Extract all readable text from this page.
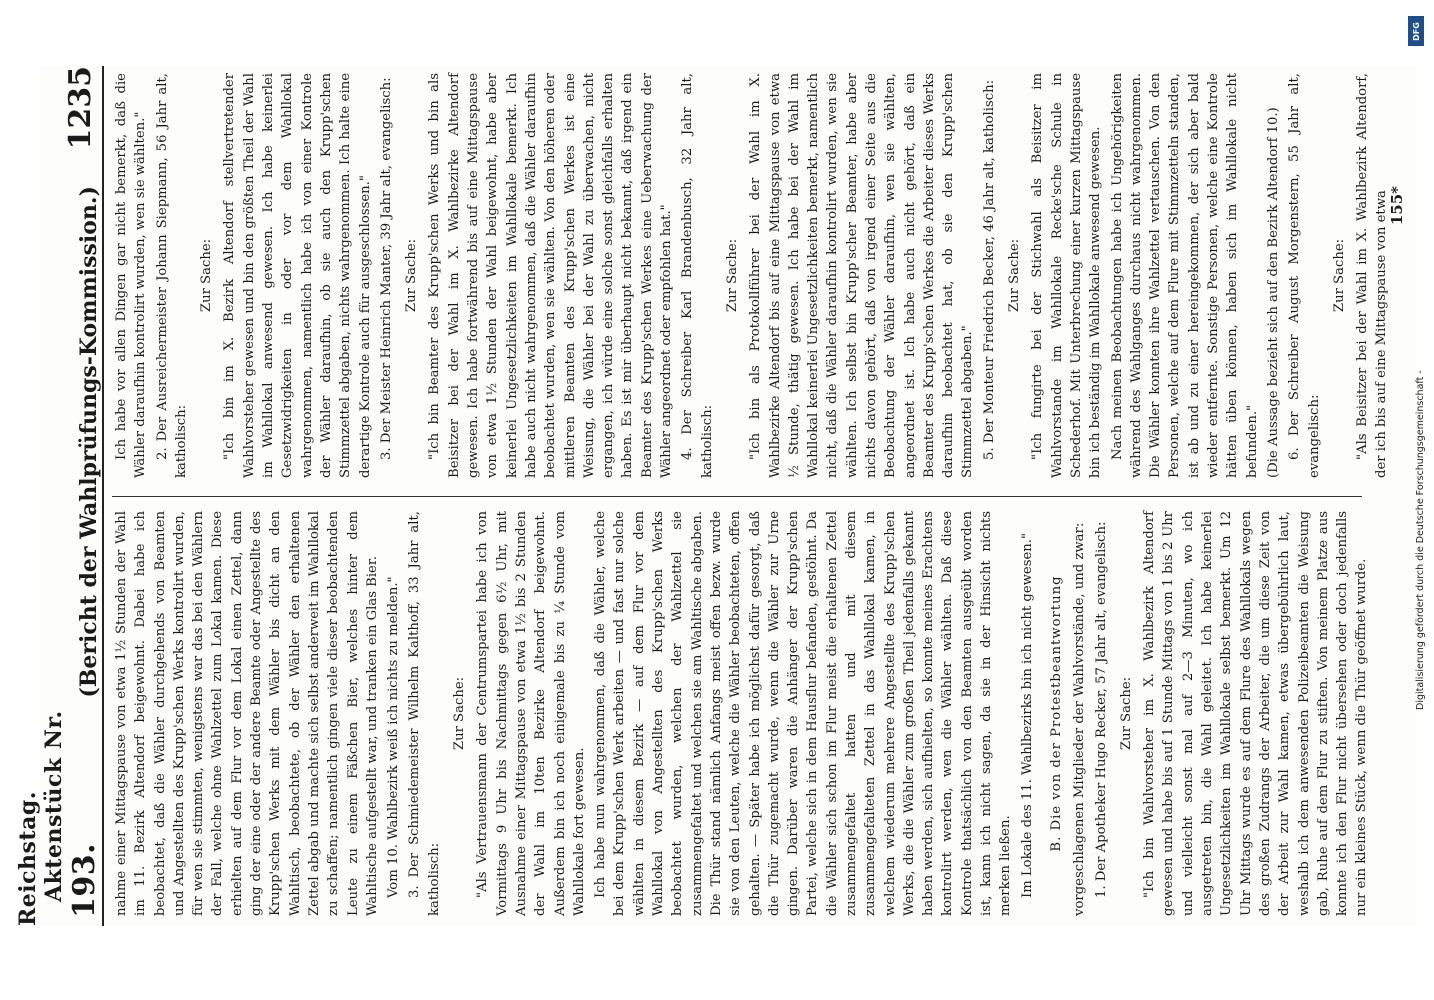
Reichstag. Aktenstück Nr. 193.
(Bericht der Wahlprüfungs-Kommission.)
1235

nahme einer Mittagspause von etwa 1½ Stunden der Wahl im 11. Bezirk Altendorf beigewohnt. Dabei habe ich beobachtet, daß die Wähler durchgehends von Beamten und Angestellten des Krupp'schen Werks kontrolirt wurden, für wen sie stimmten, wenigstens war das bei den Wählern der Fall, welche ohne Wahlzettel zum Lokal kamen. Diese erhielten auf dem Flur vor dem Lokal einen Zettel, dann ging der eine oder der andere Beamte oder Angestellte des Krupp'schen Werks mit dem Wähler bis dicht an den Wahltisch, beobachtete, ob der Wähler den erhaltenen Zettel abgab und machte sich selbst anderweit im Wahllokal zu schaffen; namentlich gingen viele dieser beobachtenden Leute zu einem Fäßchen Bier, welches hinter dem Wahltische aufgestellt war, und tranken ein Glas Bier. Vom 10. Wahlbezirk weiß ich nichts zu melden." 3. Der Schmiedemeister Wilhelm Kalthoff, 33 Jahr alt, katholisch:

Zur Sache: "Als Vertrauensmann der Centrumspartei habe ich von Vormittags 9 Uhr bis Nachmittags gegen 6½ Uhr, mit Ausnahme einer Mittagspause von etwa 1½ bis 2 Stunden der Wahl im 10ten Bezirke Altendorf beigewohnt. Außerdem bin ich noch einigemale bis zu ¼ Stunde vom Wahllokale fort gewesen. Ich habe nun wahrgenommen, daß die Wähler, welche bei dem Krupp'schen Werk arbeiten — und fast nur solche wählten in diesem Bezirk — auf dem Flur vor dem Wahllokal von Angestellten des Krupp'schen Werks beobachtet wurden, welchen der Wahlzettel sie zusammengefaltet und welchen sie am Wahltische abgaben. Die Thür stand nämlich Anfangs meist offen bezw. wurde sie von den Leuten, welche die Wähler beobachteten, offen gehalten. — Später habe ich möglichst dafür gesorgt, daß die Thür zugemacht wurde, wenn die Wähler zur Urne gingen. Darüber waren die Anhänger der Krupp'schen Partei, welche sich in dem Hausflur befanden, gestöhnt. Da die Wähler sich schon im Flur meist die erhaltenen Zettel zusammengefaltet hatten und mit diesem zusammengefalteten Zettel in das Wahllokal kamen, in welchem wiederum mehrere Angestellte des Krupp'schen Werks, die die Wähler zum großen Theil jedenfalls gekannt haben werden, sich aufhielten, so konnte meines Erachtens kontrolirt werden, wen die Wähler wählten. Daß diese Kontrole thatsächlich von den Beamten ausgeübt worden ist, kann ich nicht sagen, da sie in der Hinsicht nichts merken ließen. Im Lokale des 11. Wahlbezirks bin ich nicht gewesen." B. Die von der Protestbeantwortung vorgeschlagenen Mitglieder der Wahlvorstände, und zwar: 1. Der Apotheker Hugo Recker, 57 Jahr alt, evangelisch: Zur Sache: "Ich bin Wahlvorsteher im X. Wahlbezirk Altendorf gewesen und habe bis auf 1 Stunde Mittags von 1 bis 2 Uhr und vielleicht sonst mal auf 2—3 Minuten, wo ich ausgetreten bin, die Wahl geleitet. Ich habe keinerlei Ungesetzlichkeiten im Wahllokale selbst bemerkt. Um 12 Uhr Mittags wurde es auf dem Flure des Wahllokals wegen des großen Zudrangs der Arbeiter, die um diese Zeit von der Arbeit zur Wahl kamen, etwas übergebührlich laut, weshalb ich dem anwesenden Polizeibeamten die Weisung gab, Ruhe auf dem Flur zu stiften. Von meinem Platze aus konnte ich den Flur nicht übersehen oder doch jedenfalls nur ein kleines Stück, wenn die Thür geöffnet wurde.

Ich habe vor allen Dingen gar nicht bemerkt, daß die Wähler daraufhin kontrolirt wurden, wen sie wählten." 2. Der Ausreichermeister Johann Siepmann, 56 Jahr alt, katholisch:

Zur Sache: "Ich bin im X. Bezirk Altendorf stellvertretender Wahlvorsteher gewesen und bin den größten Theil der Wahl im Wahllokal anwesend gewesen. Ich habe keinerlei Gesetzwidrigkeiten in oder vor dem Wahllokal wahrgenommen, namentlich habe ich von einer Kontrole der Wähler daraufhin, ob sie auch den Krupp'schen Stimmzettel abgaben, nichts wahrgenommen. Ich halte eine derartige Kontrole auch für ausgeschlossen." 3. Der Meister Heinrich Manter, 39 Jahr alt, evangelisch: Zur Sache: "Ich bin Beamter des Krupp'schen Werks und bin als Beisitzer bei der Wahl im X. Wahlbezirke Altendorf gewesen. Ich habe fortwährend bis auf eine Mittagspause von etwa 1½ Stunden der Wahl beigewohnt, habe aber keinerlei Ungesetzlichkeiten im Wahllokale bemerkt. Ich habe auch nicht wahrgenommen, daß die Wähler daraufhin beobachtet wurden, wen sie wählten. Von den höheren oder mittleren Beamten des Krupp'schen Werkes ist eine Weisung, die Wähler bei der Wahl zu überwachen, nicht ergangen, ich würde eine solche sonst gleichfalls erhalten haben. Es ist mir überhaupt nicht bekannt, daß irgend ein Beamter des Krupp'schen Werkes eine Ueberwachung der Wähler angeordnet oder empfohlen hat." 4. Der Schreiber Karl Brandenbusch, 32 Jahr alt, katholisch:

Zur Sache: "Ich bin als Protokollführer bei der Wahl im X. Wahlbezirke Altendorf bis auf eine Mittagspause von etwa ½ Stunde, thätig gewesen. Ich habe bei der Wahl im Wahllokal keinerlei Ungesetzlichkeiten bemerkt, namentlich nicht, daß die Wähler daraufhin kontrolirt wurden, wen sie wählten. Ich selbst bin Krupp'scher Beamter, habe aber nichts davon gehört, daß von irgend einer Seite aus die Beobachtung der Wähler daraufhin, wen sie wählten, angeordnet ist. Ich habe auch nicht gehört, daß ein Beamter des Krupp'schen Werkes die Arbeiter dieses Werks daraufhin beobachtet hat, ob sie den Krupp'schen Stimmzettel abgaben." 5. Der Monteur Friedrich Becker, 46 Jahr alt, katholisch: Zur Sache: "Ich fungirte bei der Stichwahl als Beisitzer im Wahlvorstande im Wahllokale Recke'sche Schule in Schederhof. Mit Unterbrechung einer kurzen Mittagspause bin ich beständig im Wahllokale anwesend gewesen. Nach meinen Beobachtungen habe ich Ungehörigkeiten während des Wahlganges durchaus nicht wahrgenommen. Die Wähler konnten ihre Wahlzettel vertauschen. Von den Personen, welche auf dem Flure mit Stimmzetteln standen, ist ab und zu einer hereingekommen, der sich aber bald wieder entfernte. Sonstige Personen, welche eine Kontrole hätten üben können, haben sich im Wahllokale nicht befunden." (Die Aussage bezieht sich auf den Bezirk Altendorf 10.) 6. Der Schreiber August Morgenstern, 55 Jahr alt, evangelisch:

Zur Sache: "Als Beisitzer bei der Wahl im X. Wahlbezirk Altendorf, der ich bis auf eine Mittagspause von etwa

155*
DFG
Digitalisierung gefördert durch die Deutsche Forschungsgemeinschaft -
